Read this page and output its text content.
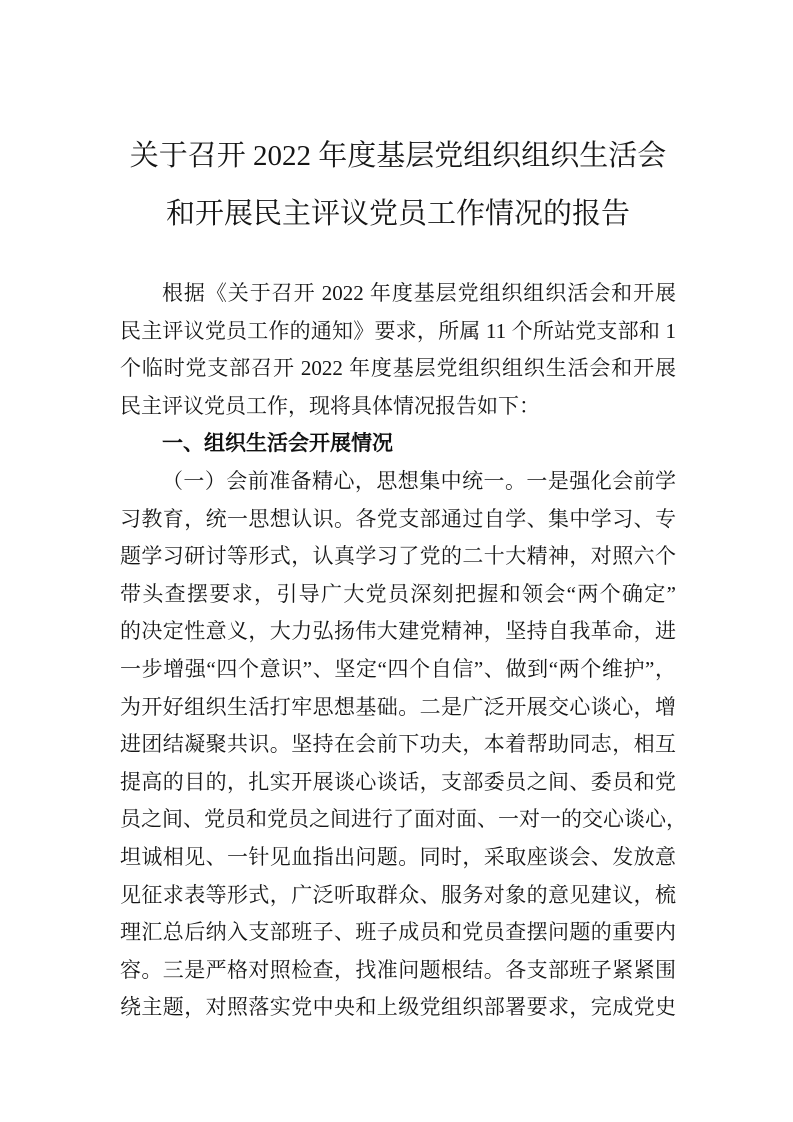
关于召开 2022 年度基层党组织组织生活会
和开展民主评议党员工作情况的报告
根据《关于召开 2022 年度基层党组织组织活会和开展
民主评议党员工作的通知》要求，所属 11 个所站党支部和 1
个临时党支部召开 2022 年度基层党组织组织生活会和开展
民主评议党员工作，现将具体情况报告如下：
一、组织生活会开展情况
（一）会前准备精心，思想集中统一。一是强化会前学
习教育，统一思想认识。各党支部通过自学、集中学习、专
题学习研讨等形式，认真学习了党的二十大精神，对照六个
带头查摆要求，引导广大党员深刻把握和领会“两个确定”
的决定性意义，大力弘扬伟大建党精神，坚持自我革命，进
一步增强“四个意识”、坚定“四个自信”、做到“两个维护”，
为开好组织生活打牢思想基础。二是广泛开展交心谈心，增
进团结凝聚共识。坚持在会前下功夫，本着帮助同志，相互
提高的目的，扎实开展谈心谈话，支部委员之间、委员和党
员之间、党员和党员之间进行了面对面、一对一的交心谈心，
坦诚相见、一针见血指出问题。同时，采取座谈会、发放意
见征求表等形式，广泛听取群众、服务对象的意见建议，梳
理汇总后纳入支部班子、班子成员和党员查摆问题的重要内
容。三是严格对照检查，找准问题根结。各支部班子紧紧围
绕主题，对照落实党中央和上级党组织部署要求，完成党史
